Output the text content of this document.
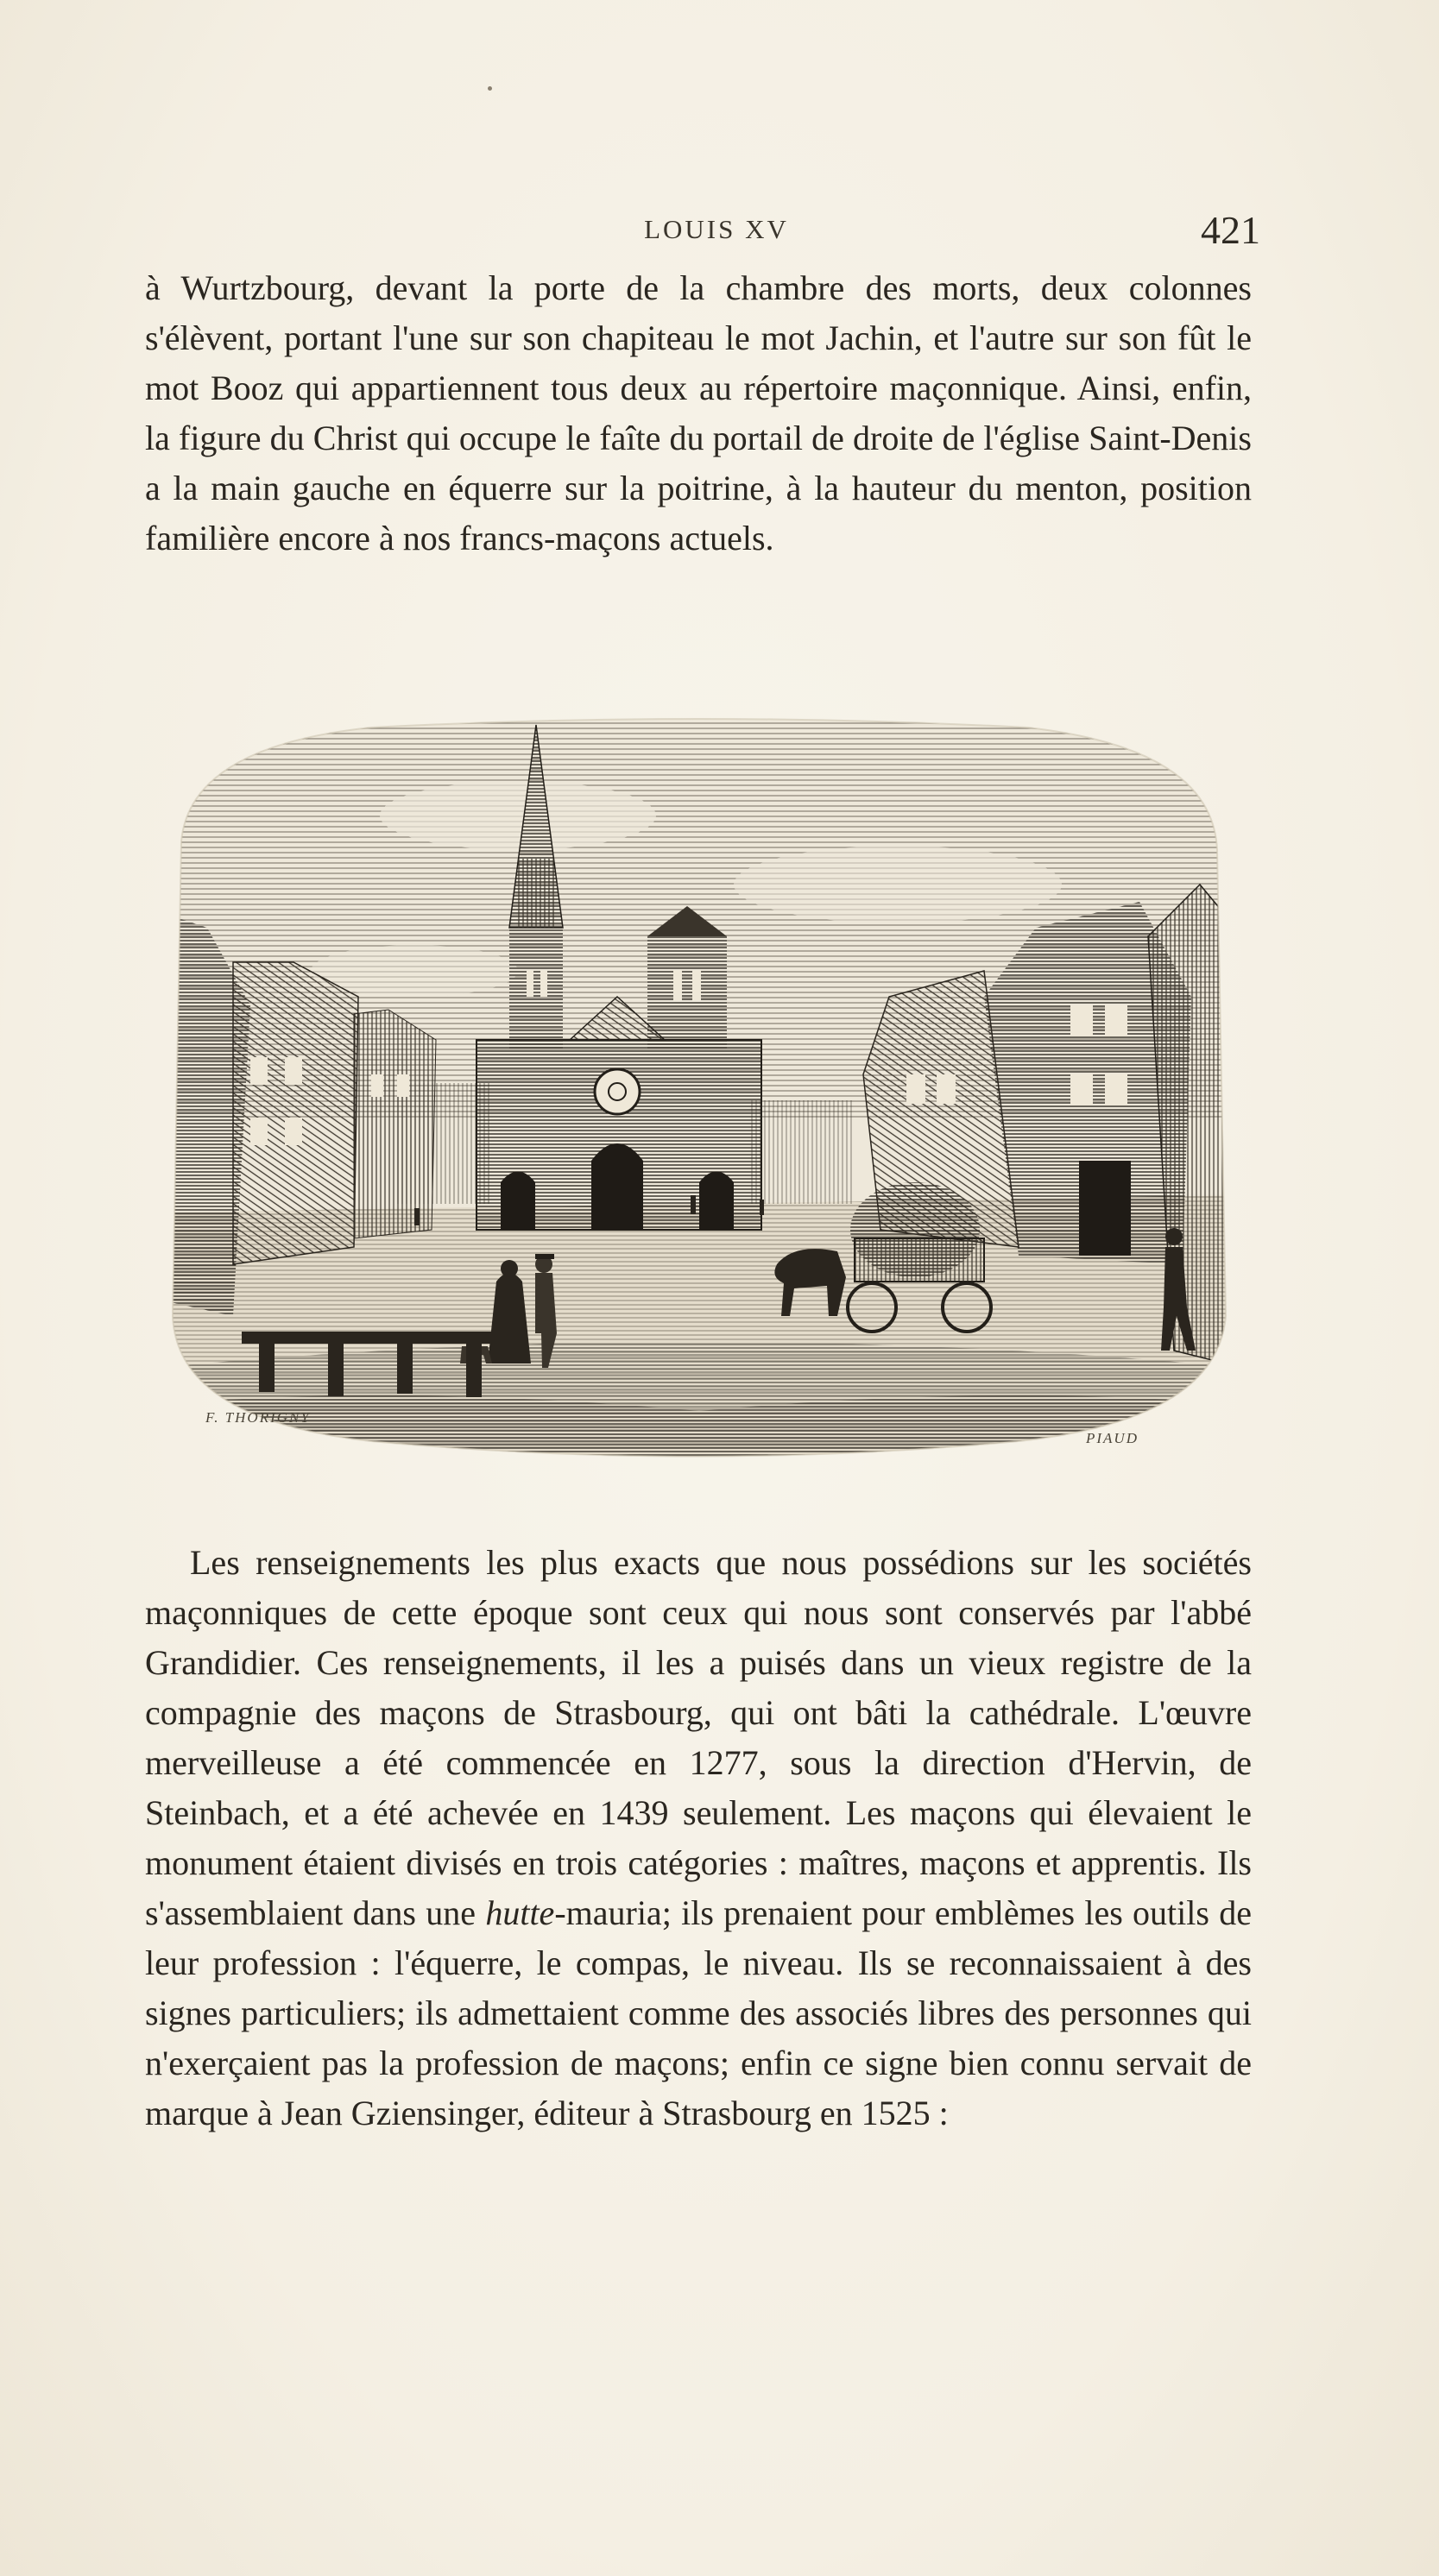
LOUIS XV	421

à Wurtzbourg, devant la porte de la chambre des morts, deux colonnes s'élèvent, portant l'une sur son chapiteau le mot Jachin, et l'autre sur son fût le mot Booz qui appartiennent tous deux au répertoire maçonnique. Ainsi, enfin, la figure du Christ qui occupe le faîte du portail de droite de l'église Saint-Denis a la main gauche en équerre sur la poitrine, à la hauteur du menton, position familière encore à nos francs-maçons actuels.

F. THORIGNY
PIAUD

Les renseignements les plus exacts que nous possédions sur les sociétés maçonniques de cette époque sont ceux qui nous sont conservés par l'abbé Grandidier. Ces renseignements, il les a puisés dans un vieux registre de la compagnie des maçons de Strasbourg, qui ont bâti la cathédrale. L'œuvre merveilleuse a été commencée en 1277, sous la direction d'Hervin, de Steinbach, et a été achevée en 1439 seulement. Les maçons qui élevaient le monument étaient divisés en trois catégories : maîtres, maçons et apprentis. Ils s'assemblaient dans une hutte-mauria; ils prenaient pour emblèmes les outils de leur profession : l'équerre, le compas, le niveau. Ils se reconnaissaient à des signes particuliers; ils admettaient comme des associés libres des personnes qui n'exerçaient pas la profession de maçons; enfin ce signe bien connu servait de marque à Jean Gziensinger, éditeur à Strasbourg en 1525 :
